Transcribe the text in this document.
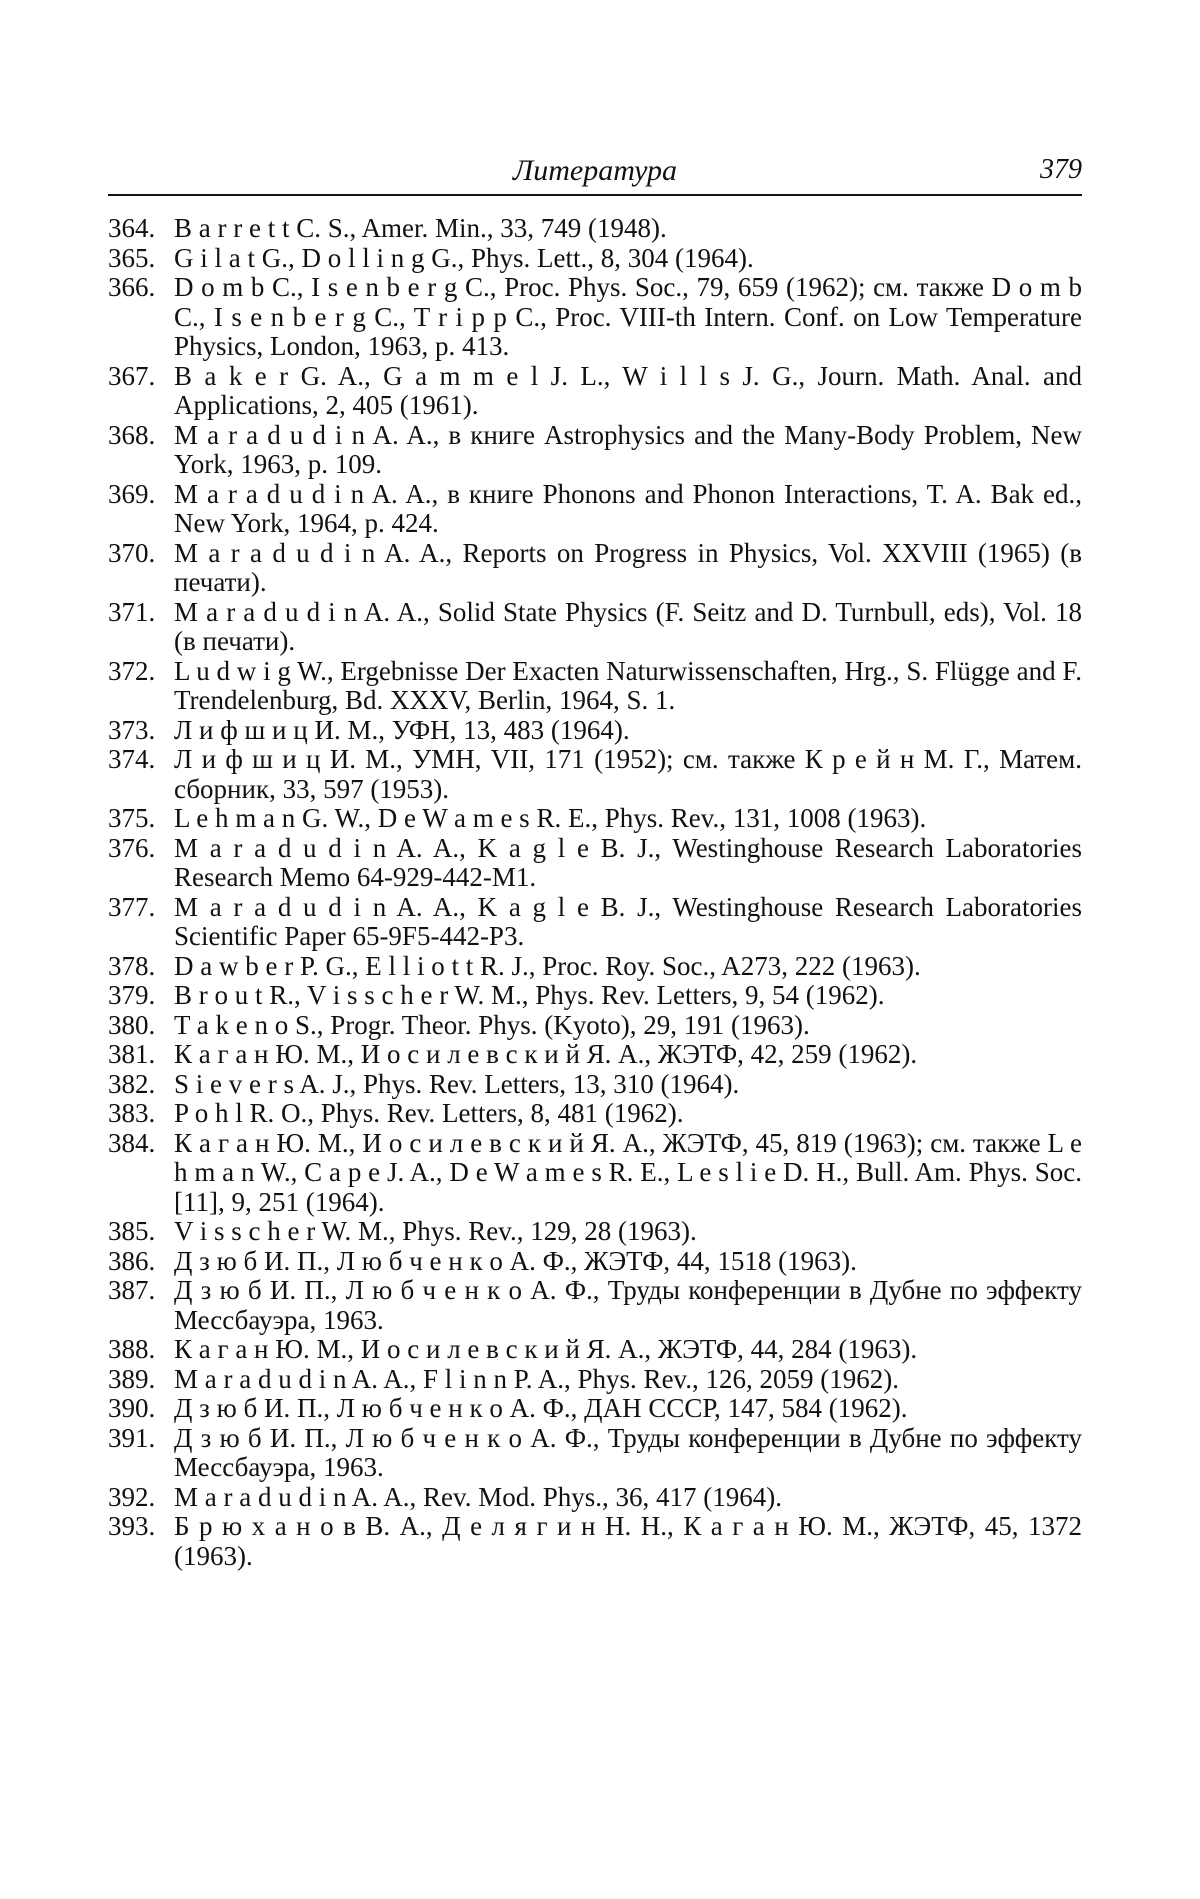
Литература	379
364. B a r r e t t C. S., Amer. Min., 33, 749 (1948).
365. G i l a t G., D o l l i n g G., Phys. Lett., 8, 304 (1964).
366. D o m b C., I s e n b e r g C., Proc. Phys. Soc., 79, 659 (1962); см. также D o m b C., I s e n b e r g C., T r i p p C., Proc. VIII-th Intern. Conf. on Low Temperature Physics, London, 1963, p. 413.
367. B a k e r G. A., G a m m e l J. L., W i l l s J. G., Journ. Math. Anal. and Applications, 2, 405 (1961).
368. M a r a d u d i n A. A., в книге Astrophysics and the Many-Body Problem, New York, 1963, p. 109.
369. M a r a d u d i n A. A., в книге Phonons and Phonon Interactions, T. A. Bak ed., New York, 1964, p. 424.
370. M a r a d u d i n A. A., Reports on Progress in Physics, Vol. XXVIII (1965) (в печати).
371. M a r a d u d i n A. A., Solid State Physics (F. Seitz and D. Turnbull, eds), Vol. 18 (в печати).
372. L u d w i g W., Ergebnisse Der Exacten Naturwissenschaften, Hrg., S. Flügge and F. Trendelenburg, Bd. XXXV, Berlin, 1964, S. 1.
373. Л и ф ш и ц И. М., УФН, 13, 483 (1964).
374. Л и ф ш и ц И. М., УМН, VII, 171 (1952); см. также К р е й н М. Г., Матем. сборник, 33, 597 (1953).
375. L e h m a n G. W., D e W a m e s R. E., Phys. Rev., 131, 1008 (1963).
376. M a r a d u d i n A. A., K a g l e B. J., Westinghouse Research Laboratories Research Memo 64-929-442-M1.
377. M a r a d u d i n A. A., K a g l e B. J., Westinghouse Research Laboratories Scientific Paper 65-9F5-442-P3.
378. D a w b e r P. G., E l l i o t t R. J., Proc. Roy. Soc., A273, 222 (1963).
379. B r o u t R., V i s s c h e r W. M., Phys. Rev. Letters, 9, 54 (1962).
380. T a k e n o S., Progr. Theor. Phys. (Kyoto), 29, 191 (1963).
381. К а г а н Ю. М., И о с и л е в с к и й Я. А., ЖЭТФ, 42, 259 (1962).
382. S i e v e r s A. J., Phys. Rev. Letters, 13, 310 (1964).
383. P o h l R. O., Phys. Rev. Letters, 8, 481 (1962).
384. К а г а н Ю. М., И о с и л е в с к и й Я. А., ЖЭТФ, 45, 819 (1963); см. также L e h m a n W., C a p e J. A., D e W a m e s R. E., L e s l i e D. H., Bull. Am. Phys. Soc. [11], 9, 251 (1964).
385. V i s s c h e r W. M., Phys. Rev., 129, 28 (1963).
386. Д з ю б И. П., Л ю б ч е н к о А. Ф., ЖЭТФ, 44, 1518 (1963).
387. Д з ю б И. П., Л ю б ч е н к о А. Ф., Труды конференции в Дубне по эффекту Мессбауэра, 1963.
388. К а г а н Ю. М., И о с и л е в с к и й Я. А., ЖЭТФ, 44, 284 (1963).
389. M a r a d u d i n A. A., F l i n n P. A., Phys. Rev., 126, 2059 (1962).
390. Д з ю б И. П., Л ю б ч е н к о А. Ф., ДАН СССР, 147, 584 (1962).
391. Д з ю б И. П., Л ю б ч е н к о А. Ф., Труды конференции в Дубне по эффекту Мессбауэра, 1963.
392. M a r a d u d i n A. A., Rev. Mod. Phys., 36, 417 (1964).
393. Б р ю х а н о в В. А., Д е л я г и н Н. Н., К а г а н Ю. М., ЖЭТФ, 45, 1372 (1963).
